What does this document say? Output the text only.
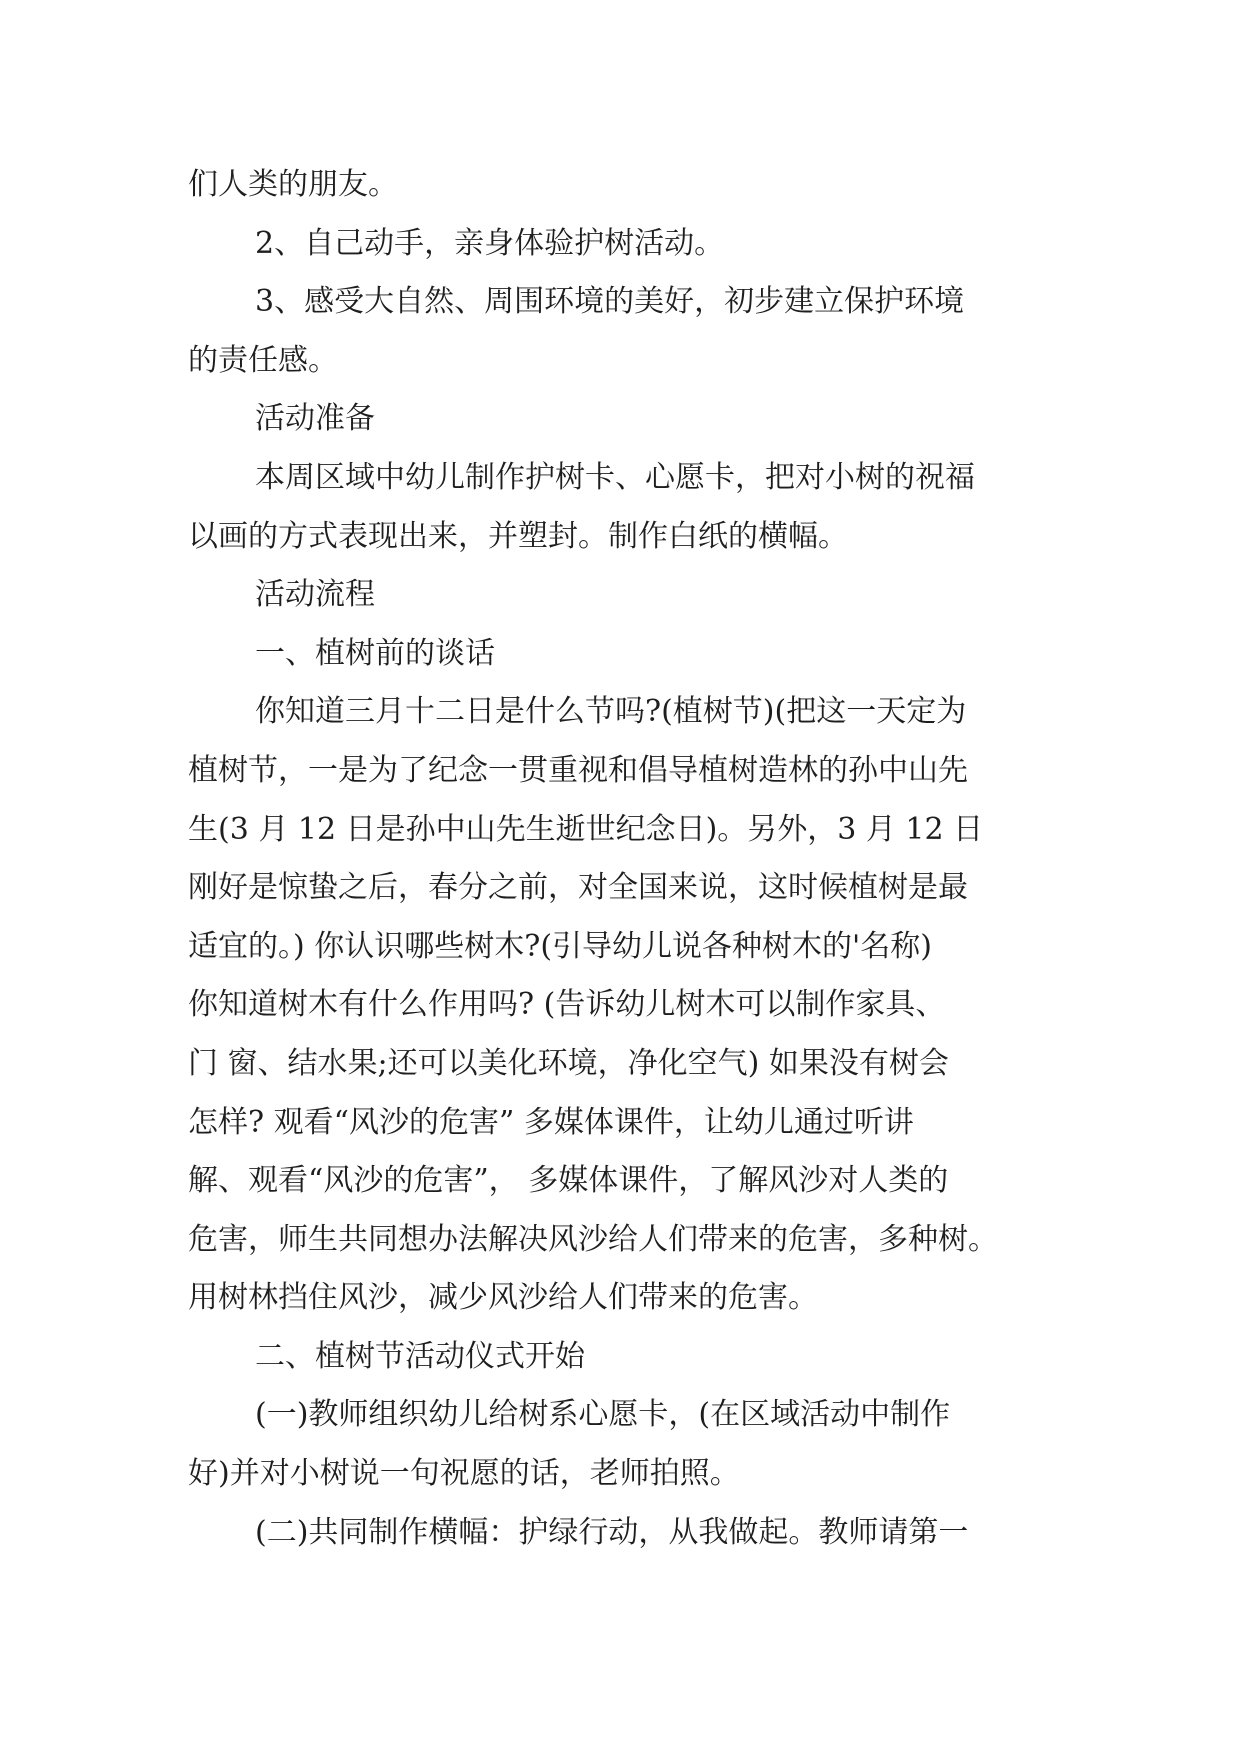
们人类的朋友。
2、自己动手，亲身体验护树活动。
3、感受大自然、周围环境的美好，初步建立保护环境
的责任感。
活动准备
本周区域中幼儿制作护树卡、心愿卡，把对小树的祝福
以画的方式表现出来，并塑封。制作白纸的横幅。
活动流程
一、植树前的谈话
你知道三月十二日是什么节吗?(植树节)(把这一天定为
植树节，一是为了纪念一贯重视和倡导植树造林的孙中山先
生(3 月 12 日是孙中山先生逝世纪念日)。另外，3 月 12 日
刚好是惊蛰之后，春分之前，对全国来说，这时候植树是最
适宜的。) 你认识哪些树木?(引导幼儿说各种树木的'名称)
你知道树木有什么作用吗? (告诉幼儿树木可以制作家具、
门 窗、结水果;还可以美化环境，净化空气) 如果没有树会
怎样? 观看“风沙的危害” 多媒体课件，让幼儿通过听讲
解、观看“风沙的危害”， 多媒体课件，了解风沙对人类的
危害，师生共同想办法解决风沙给人们带来的危害，多种树。
用树林挡住风沙，减少风沙给人们带来的危害。
二、植树节活动仪式开始
(一)教师组织幼儿给树系心愿卡，(在区域活动中制作
好)并对小树说一句祝愿的话，老师拍照。
(二)共同制作横幅：护绿行动，从我做起。教师请第一
